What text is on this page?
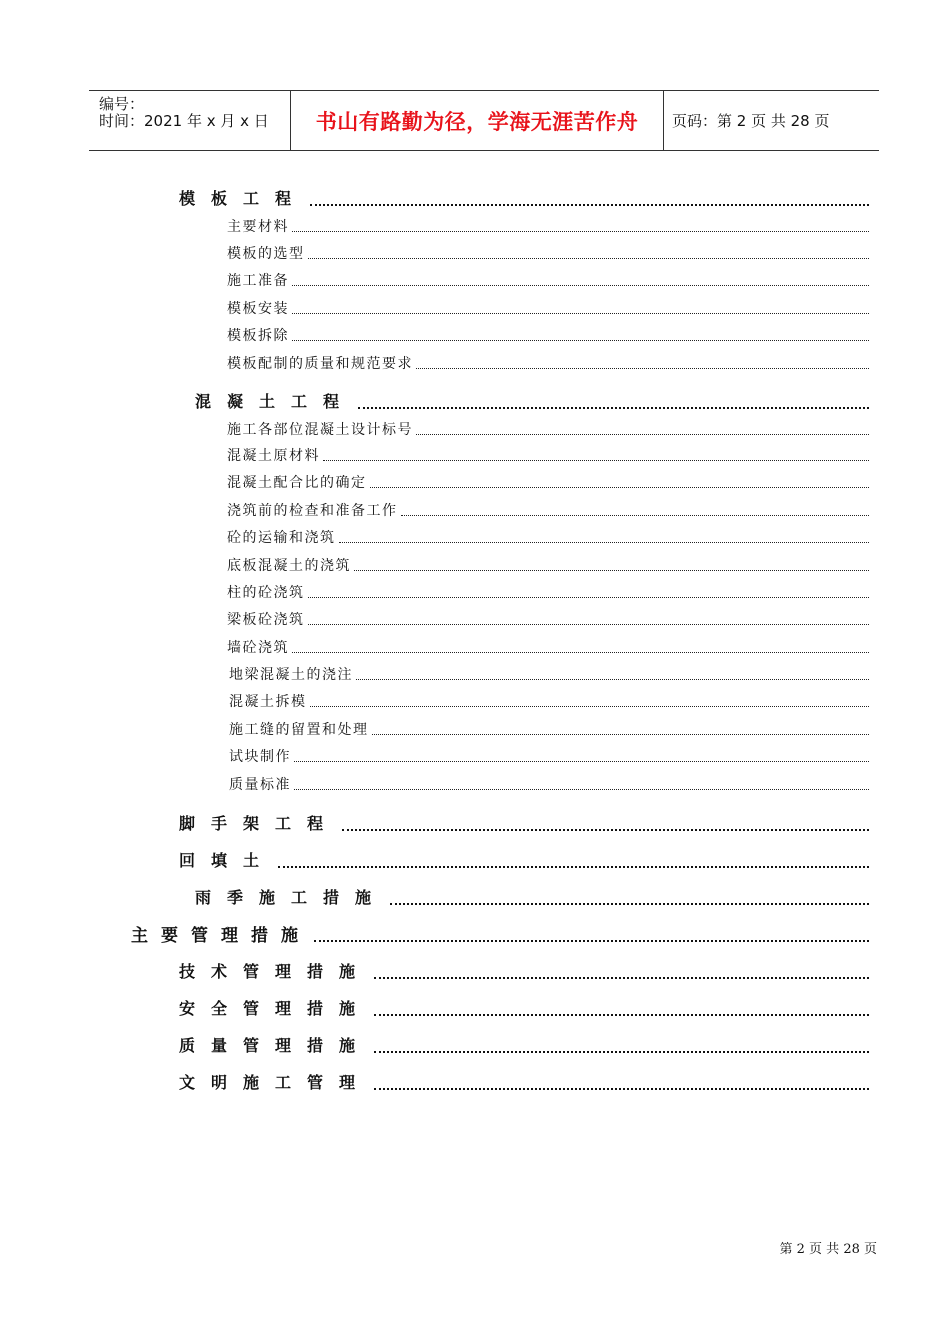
编号：
时间：2021 年 x 月 x 日 书山有路勤为径，学海无涯苦作舟 页码：第 2 页 共 28 页
模板工程
主要材料
模板的选型
施工准备
模板安装
模板拆除
模板配制的质量和规范要求
混凝土工程
施工各部位混凝土设计标号
混凝土原材料
混凝土配合比的确定
浇筑前的检查和准备工作
砼的运输和浇筑
底板混凝土的浇筑
柱的砼浇筑
梁板砼浇筑
墙砼浇筑
地梁混凝土的浇注
混凝土拆模
施工缝的留置和处理
试块制作
质量标准
脚手架工程
回填土
雨季施工措施
主要管理措施
技术管理措施
安全管理措施
质量管理措施
文明施工管理
第 2 页 共 28 页
